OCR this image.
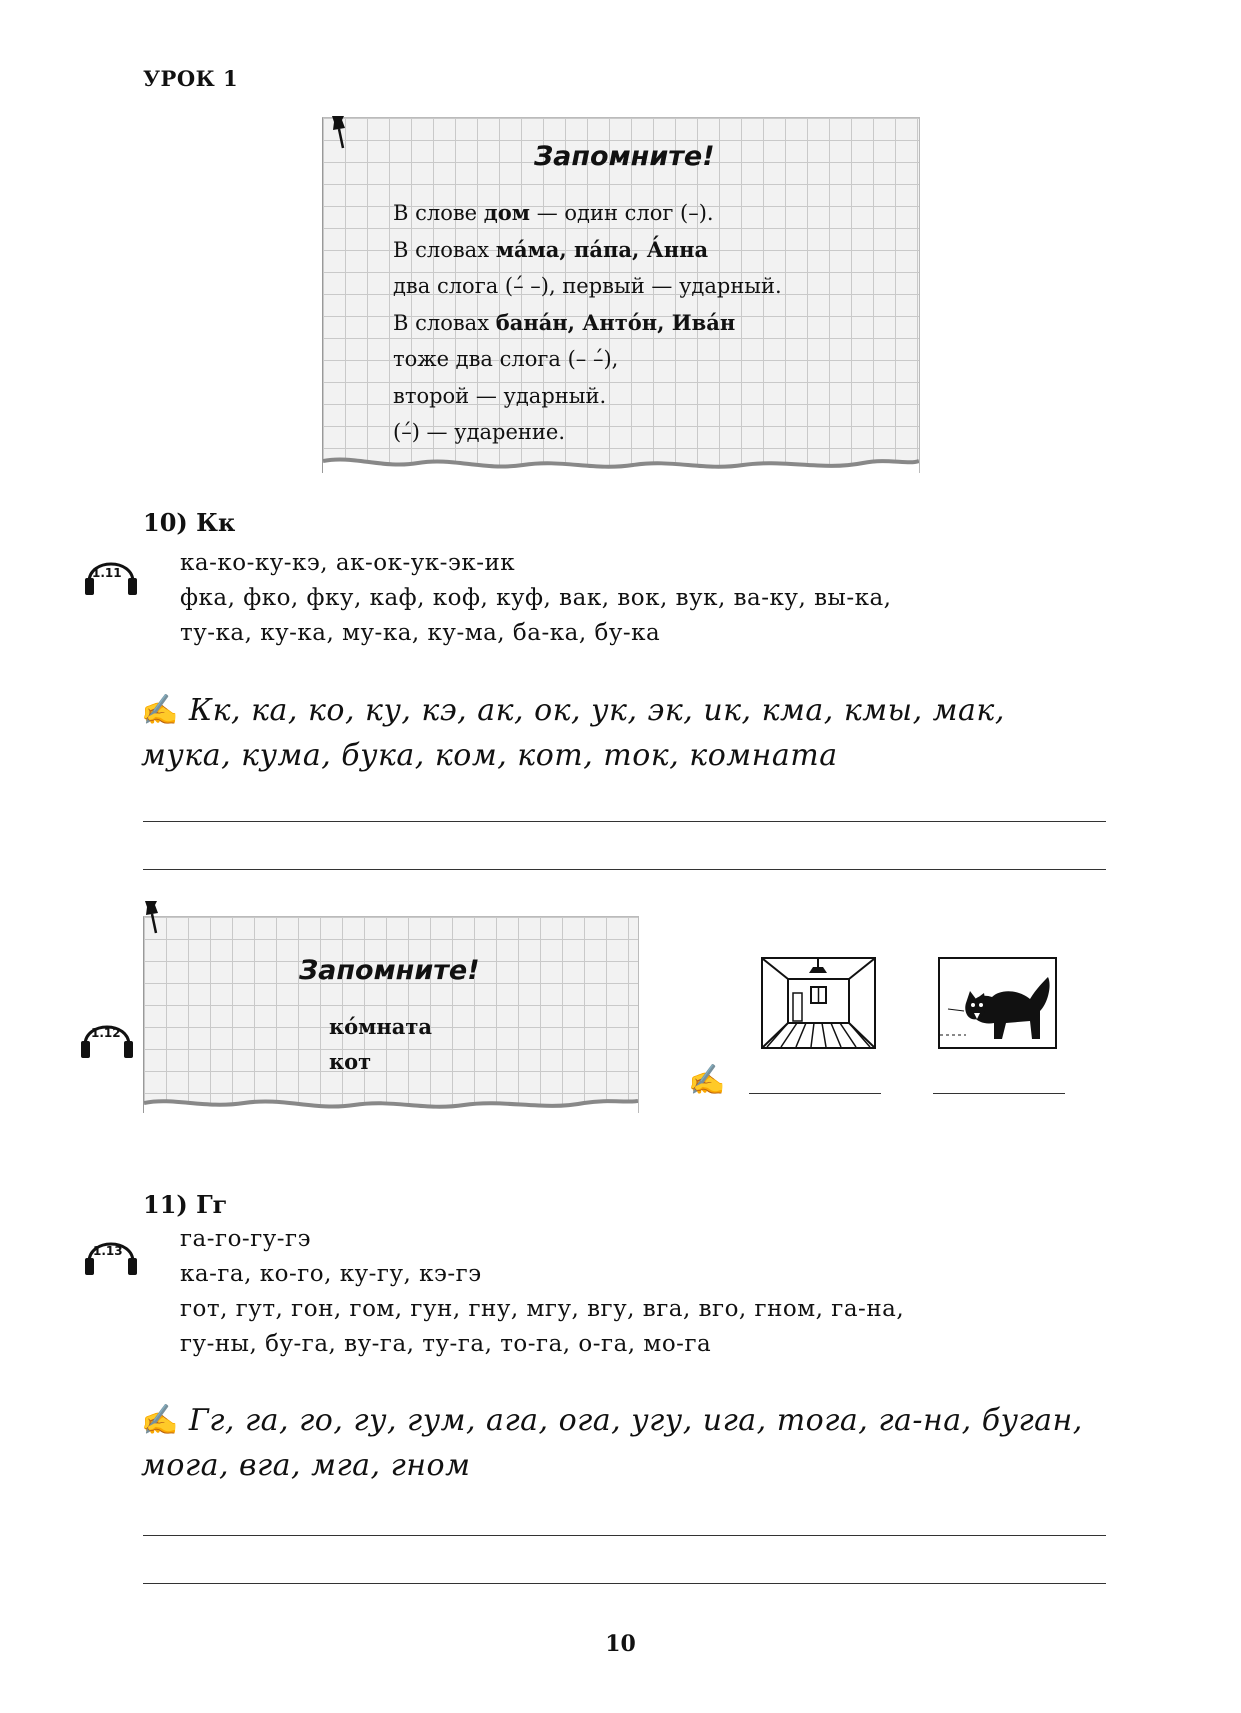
УРОК 1
Запомните!
В слове дом — один слог (–).
В словах ма́ма, па́па, А́нна
два слога (–́ –), первый — ударный.
В словах бана́н, Анто́н, Ива́н
тоже два слога (– –́),
второй — ударный.
(–́) — ударение.
10) Кк
1.11	ка-ко-ку-кэ, ак-ок-ук-эк-ик
фка, фко, фку, каф, коф, куф, вак, вок, вук, ва-ку, вы-ка,
ту-ка, ку-ка, му-ка, ку-ма, ба-ка, бу-ка
✍ Кк, ка, ко, ку, кэ, ак, ок, ук, эк, ик, кма, кмы, мак,
мука, кума, бука, ком, кот, ток, комната
Запомните!
ко́мната
кот
1.12
✍
11) Гг
1.13 га-го-гу-гэ
ка-га, ко-го, ку-гу, кэ-гэ
гот, гут, гон, гом, гун, гну, мгу, вгу, вга, вго, гном, га-на,
гу-ны, бу-га, ву-га, ту-га, то-га, о-га, мо-га
✍ Гг, га, го, гу, гум, ага, ога, угу, ига, тога, га-на, буган,
мога, вга, мга, гном
10
